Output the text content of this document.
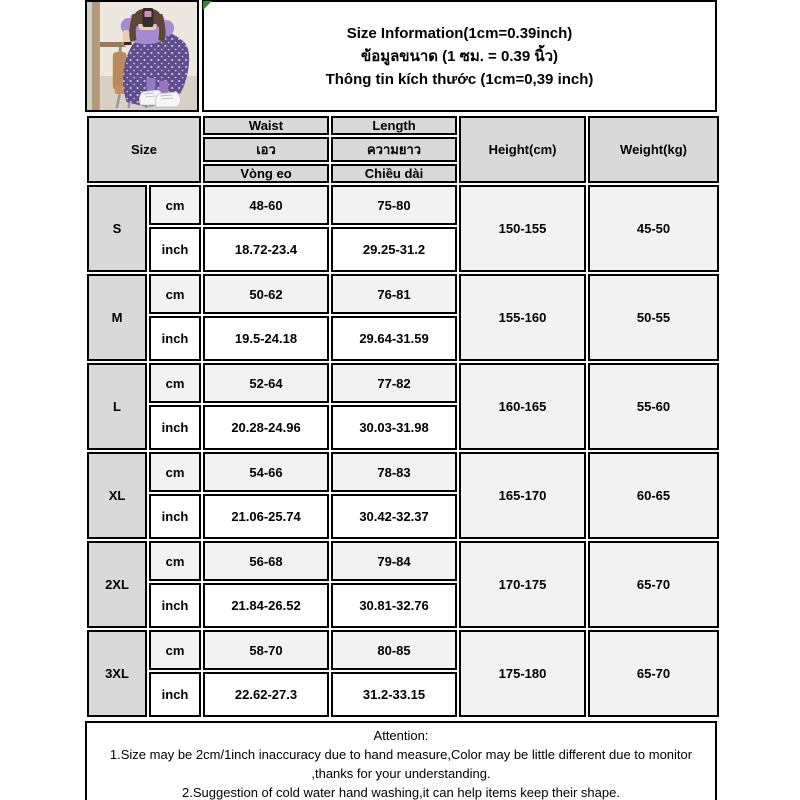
Size Information(1cm=0.39inch)
ข้อมูลขนาด (1 ซม. = 0.39 นิ้ว)
Thông tin kích thước (1cm=0,39 inch)
Size		Waist	Length	Height(cm)	Weight(kg)
		เอว	ความยาว		
		Vòng eo	Chiều dài		
S	cm	48-60	75-80	150-155	45-50
	inch	18.72-23.4	29.25-31.2		
M	cm	50-62	76-81	155-160	50-55
	inch	19.5-24.18	29.64-31.59		
L	cm	52-64	77-82	160-165	55-60
	inch	20.28-24.96	30.03-31.98		
XL	cm	54-66	78-83	165-170	60-65
	inch	21.06-25.74	30.42-32.37		
2XL	cm	56-68	79-84	170-175	65-70
	inch	21.84-26.52	30.81-32.76		
3XL	cm	58-70	80-85	175-180	65-70
	inch	22.62-27.3	31.2-33.15		
Attention:
1.Size may be 2cm/1inch inaccuracy due to hand measure,Color may be little different due to monitor ,thanks for your understanding.
2.Suggestion of cold water hand washing,it can help items keep their shape.
